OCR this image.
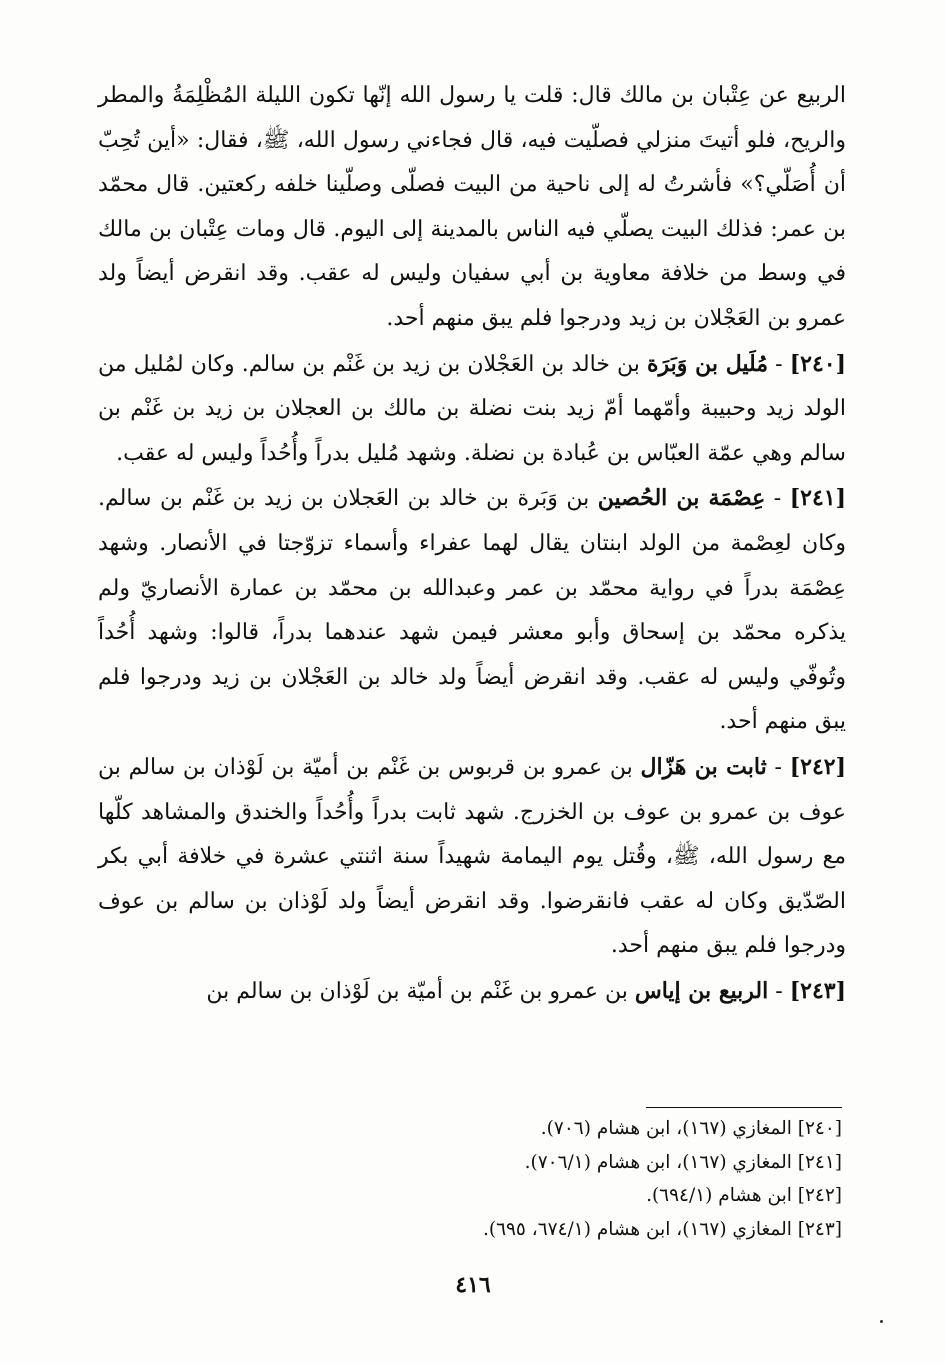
الربيع عن عِتْبان بن مالك قال: قلت يا رسول الله إنّها تكون الليلة المُظْلِمَةُ والمطر والريح، فلو أتيتَ منزلي فصلّيت فيه، قال فجاءني رسول الله، ﷺ، فقال: «أين تُحِبّ أن أُصَلّي؟» فأشرتُ له إلى ناحية من البيت فصلّى وصلّينا خلفه ركعتين. قال محمّد بن عمر: فذلك البيت يصلّي فيه الناس بالمدينة إلى اليوم. قال ومات عِتْبان بن مالك في وسط من خلافة معاوية بن أبي سفيان وليس له عقب. وقد انقرض أيضاً ولد عمرو بن العَجْلان بن زيد ودرجوا فلم يبق منهم أحد.

[٢٤٠] - مُلَيل بن وَبَرَة بن خالد بن العَجْلان بن زيد بن غَنْم بن سالم. وكان لمُليل من الولد زيد وحبيبة وأمّهما أمّ زيد بنت نضلة بن مالك بن العجلان بن زيد بن غَنْم بن سالم وهي عمّة العبّاس بن عُبادة بن نضلة. وشهد مُليل بدراً وأُحُداً وليس له عقب.

[٢٤١] - عِصْمَة بن الحُصين بن وَبَرة بن خالد بن العَجلان بن زيد بن غَنْم بن سالم. وكان لعِصْمة من الولد ابنتان يقال لهما عفراء وأسماء تزوّجتا في الأنصار. وشهد عِصْمَة بدراً في رواية محمّد بن عمر وعبدالله بن محمّد بن عمارة الأنصاريّ ولم يذكره محمّد بن إسحاق وأبو معشر فيمن شهد عندهما بدراً، قالوا: وشهد أُحُداً وتُوفّي وليس له عقب. وقد انقرض أيضاً ولد خالد بن العَجْلان بن زيد ودرجوا فلم يبق منهم أحد.

[٢٤٢] - ثابت بن هَزّال بن عمرو بن قربوس بن غَنْم بن أميّة بن لَوْذان بن سالم بن عوف بن عمرو بن عوف بن الخزرج. شهد ثابت بدراً وأُحُداً والخندق والمشاهد كلّها مع رسول الله، ﷺ، وقُتل يوم اليمامة شهيداً سنة اثنتي عشرة في خلافة أبي بكر الصّدّيق وكان له عقب فانقرضوا. وقد انقرض أيضاً ولد لَوْذان بن سالم بن عوف ودرجوا فلم يبق منهم أحد.

[٢٤٣] - الربيع بن إياس بن عمرو بن غَنْم بن أميّة بن لَوْذان بن سالم بن

[٢٤٠] المغازي (١٦٧)، ابن هشام (٧٠٦).

[٢٤١] المغازي (١٦٧)، ابن هشام (٧٠٦/١).

[٢٤٢] ابن هشام (٦٩٤/١).

[٢٤٣] المغازي (١٦٧)، ابن هشام (٦٧٤/١، ٦٩٥).

٤١٦
